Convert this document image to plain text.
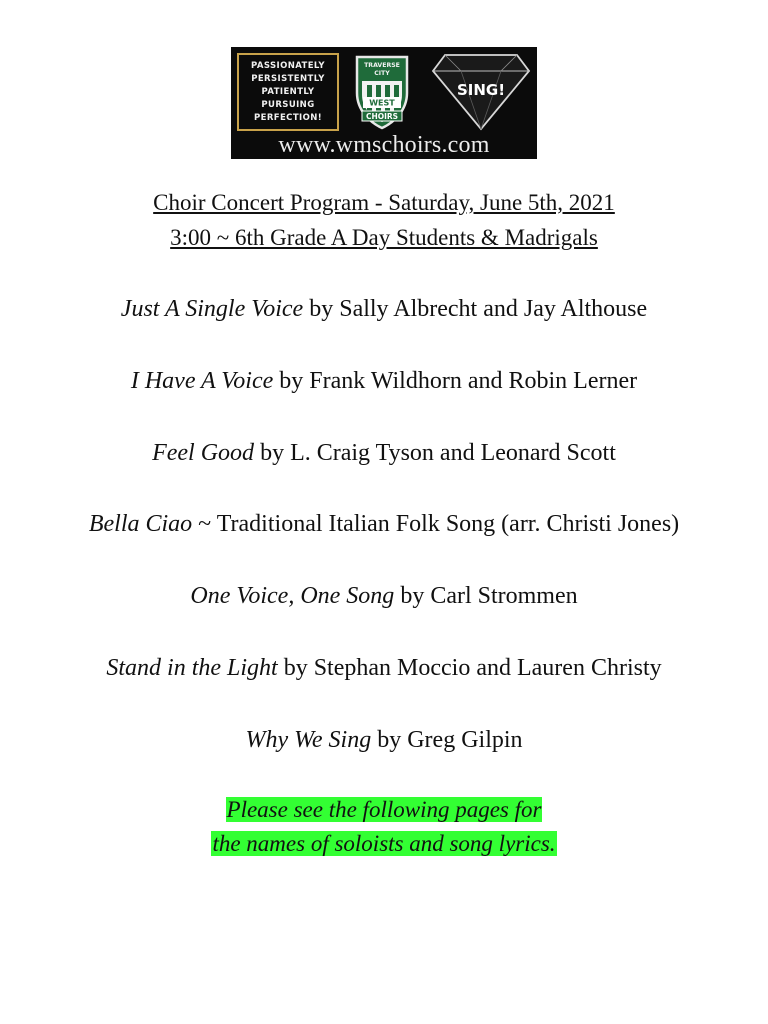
PASSIONATELY
PERSISTENTLY
PATIENTLY
PURSUING
PERFECTION!
TRAVERSE
CITY
WEST
CHOIRS
SING!
www.wmschoirs.com
Choir Concert Program - Saturday, June 5th, 2021
3:00 ~ 6th Grade A Day Students & Madrigals
Just A Single Voice by Sally Albrecht and Jay Althouse
I Have A Voice by Frank Wildhorn and Robin Lerner
Feel Good by L. Craig Tyson and Leonard Scott
Bella Ciao ~ Traditional Italian Folk Song (arr. Christi Jones)
One Voice, One Song by Carl Strommen
Stand in the Light by Stephan Moccio and Lauren Christy
Why We Sing by Greg Gilpin
Please see the following pages for
the names of soloists and song lyrics.
